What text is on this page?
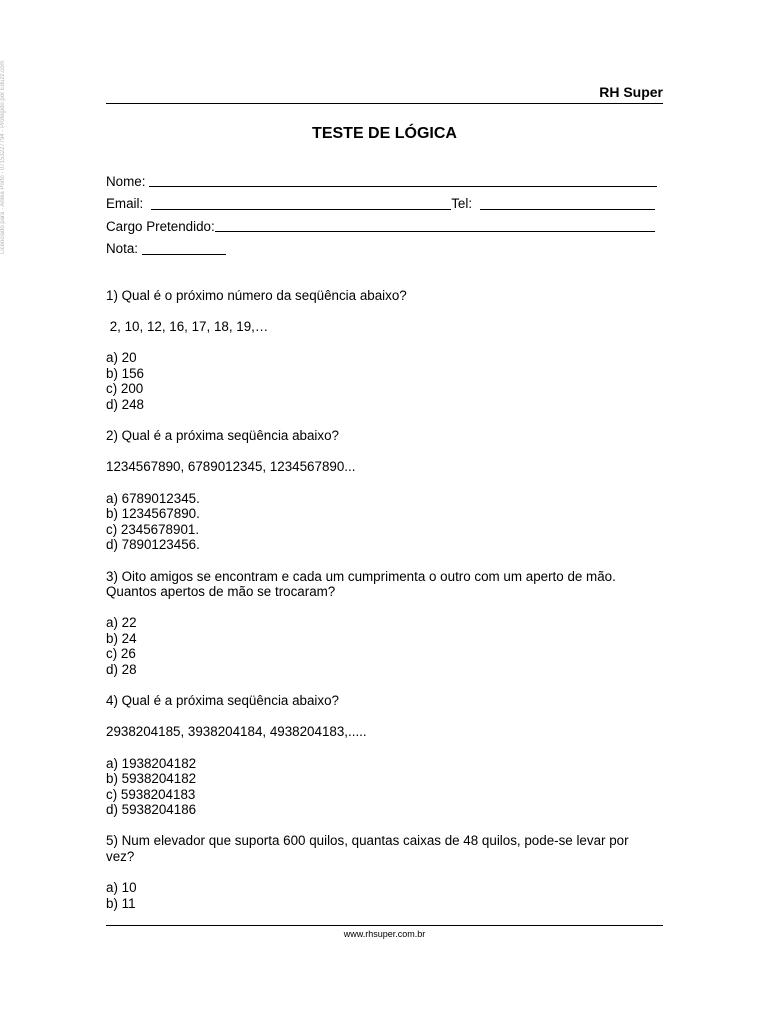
Licenciado para - Arleia Porto - 07153227794 - Protegido por Eduzz.com	RH Super
TESTE DE LÓGICA
Nome:
Email:	Tel:
Cargo Pretendido:
Nota:
1) Qual é o próximo número da seqüência abaixo?
2, 10, 12, 16, 17, 18, 19,…
a) 20
b) 156
c) 200
d) 248
2) Qual é a próxima seqüência abaixo?
1234567890, 6789012345, 1234567890...
a) 6789012345.
b) 1234567890.
c) 2345678901.
d) 7890123456.
3) Oito amigos se encontram e cada um cumprimenta o outro com um aperto de mão.
Quantos apertos de mão se trocaram?
a) 22
b) 24
c) 26
d) 28
4) Qual é a próxima seqüência abaixo?
2938204185, 3938204184, 4938204183,.....
a) 1938204182
b) 5938204182
c) 5938204183
d) 5938204186
5) Num elevador que suporta 600 quilos, quantas caixas de 48 quilos, pode-se levar por
vez?
a) 10
b) 11
www.rhsuper.com.br
